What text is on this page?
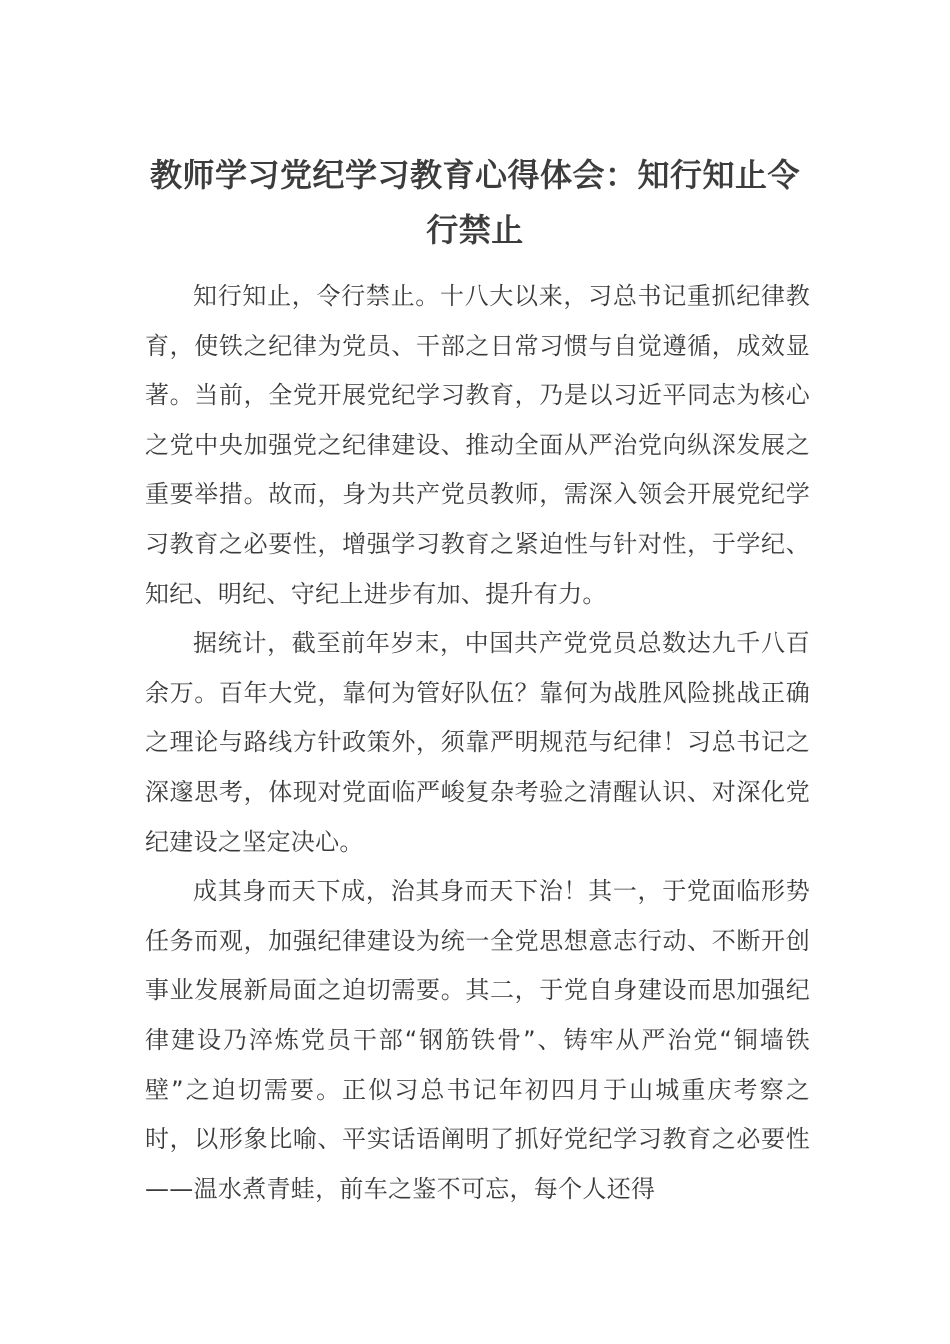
教师学习党纪学习教育心得体会：知行知止令行禁止

知行知止，令行禁止。十八大以来，习总书记重抓纪律教育，使铁之纪律为党员、干部之日常习惯与自觉遵循，成效显著。当前，全党开展党纪学习教育，乃是以习近平同志为核心之党中央加强党之纪律建设、推动全面从严治党向纵深发展之重要举措。故而，身为共产党员教师，需深入领会开展党纪学习教育之必要性，增强学习教育之紧迫性与针对性，于学纪、知纪、明纪、守纪上进步有加、提升有力。

据统计，截至前年岁末，中国共产党党员总数达九千八百余万。百年大党，靠何为管好队伍？靠何为战胜风险挑战正确之理论与路线方针政策外，须靠严明规范与纪律！习总书记之深邃思考，体现对党面临严峻复杂考验之清醒认识、对深化党纪建设之坚定决心。

成其身而天下成，治其身而天下治！其一，于党面临形势任务而观，加强纪律建设为统一全党思想意志行动、不断开创事业发展新局面之迫切需要。其二，于党自身建设而思加强纪律建设乃淬炼党员干部“钢筋铁骨”、铸牢从严治党“铜墙铁壁”之迫切需要。正似习总书记年初四月于山城重庆考察之时，以形象比喻、平实话语阐明了抓好党纪学习教育之必要性——温水煮青蛙，前车之鉴不可忘，每个人还得
